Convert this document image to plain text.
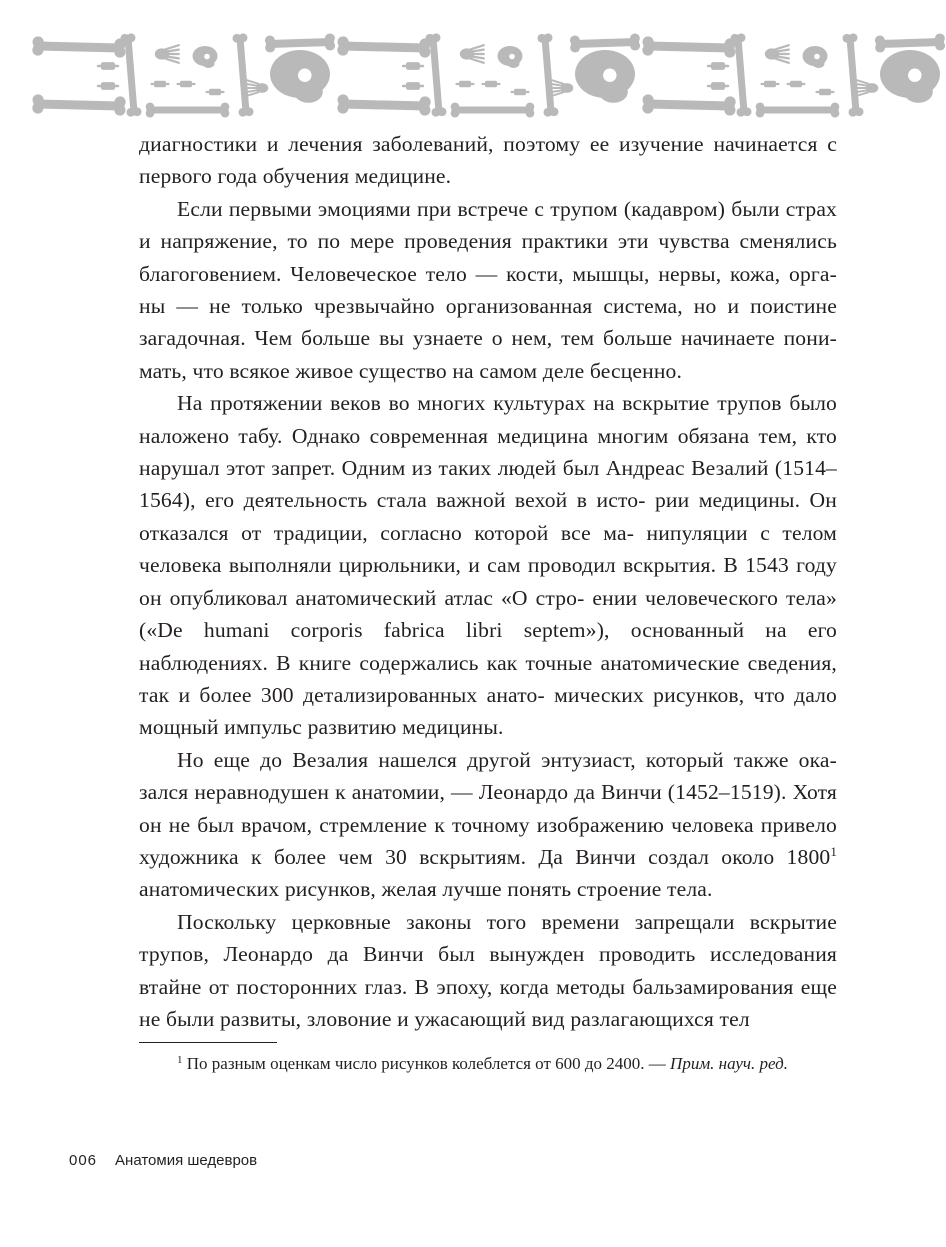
диагностики и лечения заболеваний, поэтому ее изучение начинается с первого года обучения медицине.

Если первыми эмоциями при встрече с трупом (кадавром) были страх и напряжение, то по мере проведения практики эти чувства сменялись благоговением. Человеческое тело — кости, мышцы, нервы, кожа, орга- ны — не только чрезвычайно организованная система, но и поистине загадочная. Чем больше вы узнаете о нем, тем больше начинаете пони- мать, что всякое живое существо на самом деле бесценно.

На протяжении веков во многих культурах на вскрытие трупов было наложено табу. Однако современная медицина многим обязана тем, кто нарушал этот запрет. Одним из таких людей был Андреас Везалий (1514–1564), его деятельность стала важной вехой в исто- рии медицины. Он отказался от традиции, согласно которой все ма- нипуляции с телом человека выполняли цирюльники, и сам проводил вскрытия. В 1543 году он опубликовал анатомический атлас «О стро- ении человеческого тела» («De humani corporis fabrica libri septem»), основанный на его наблюдениях. В книге содержались как точные анатомические сведения, так и более 300 детализированных анато- мических рисунков, что дало мощный импульс развитию медицины.

Но еще до Везалия нашелся другой энтузиаст, который также ока- зался неравнодушен к анатомии, — Леонардо да Винчи (1452–1519). Хотя он не был врачом, стремление к точному изображению человека привело художника к более чем 30 вскрытиям. Да Винчи создал около 1800$^1$ анатомических рисунков, желая лучше понять строение тела.

Поскольку церковные законы того времени запрещали вскрытие трупов, Леонардо да Винчи был вынужден проводить исследования втайне от посторонних глаз. В эпоху, когда методы бальзамирования еще не были развиты, зловоние и ужасающий вид разлагающихся тел

$^1$ По разным оценкам число рисунков колеблется от 600 до 2400. — Прим. науч. ред.
006 Анатомия шедевров
